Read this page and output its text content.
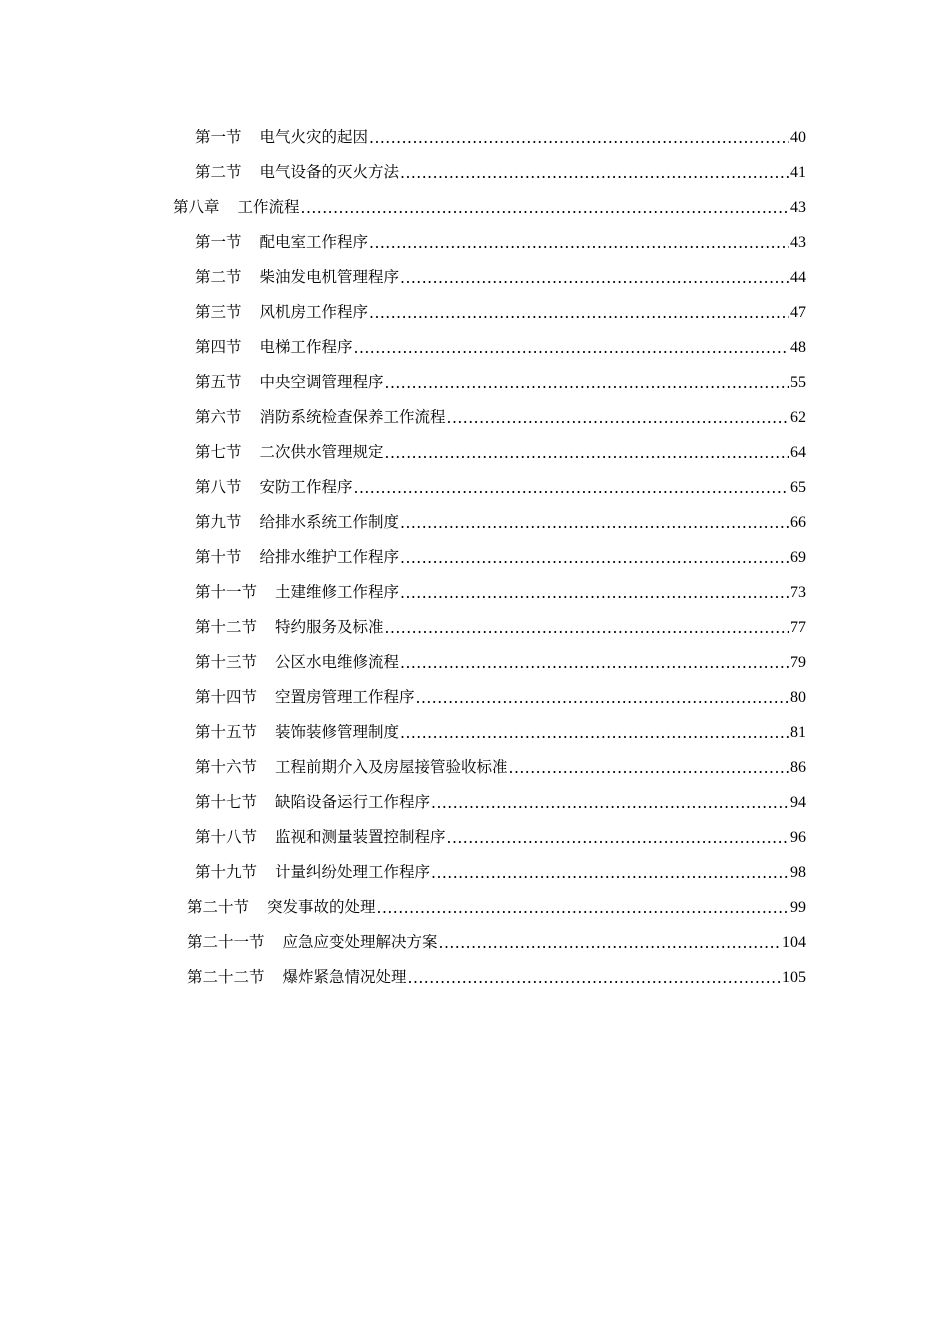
第一节 电气火灾的起因 .....	40
第二节 电气设备的灭火方法 .....	41
第八章 工作流程 .....	43
第一节 配电室工作程序 .....	43
第二节 柴油发电机管理程序 .....	44
第三节 风机房工作程序 .....	47
第四节 电梯工作程序 .....	48
第五节 中央空调管理程序 .....	55
第六节 消防系统检查保养工作流程 .....	62
第七节 二次供水管理规定 .....	64
第八节 安防工作程序 .....	65
第九节 给排水系统工作制度 .....	66
第十节 给排水维护工作程序 .....	69
第十一节 土建维修工作程序 .....	73
第十二节 特约服务及标准 .....	77
第十三节 公区水电维修流程 .....	79
第十四节 空置房管理工作程序 .....	80
第十五节 装饰装修管理制度 .....	81
第十六节 工程前期介入及房屋接管验收标准 .....	86
第十七节 缺陷设备运行工作程序 .....	94
第十八节 监视和测量装置控制程序 .....	96
第十九节 计量纠纷处理工作程序 .....	98
第二十节 突发事故的处理 .....	99
第二十一节 应急应变处理解决方案 .....	104
第二十二节 爆炸紧急情况处理 .....	105
